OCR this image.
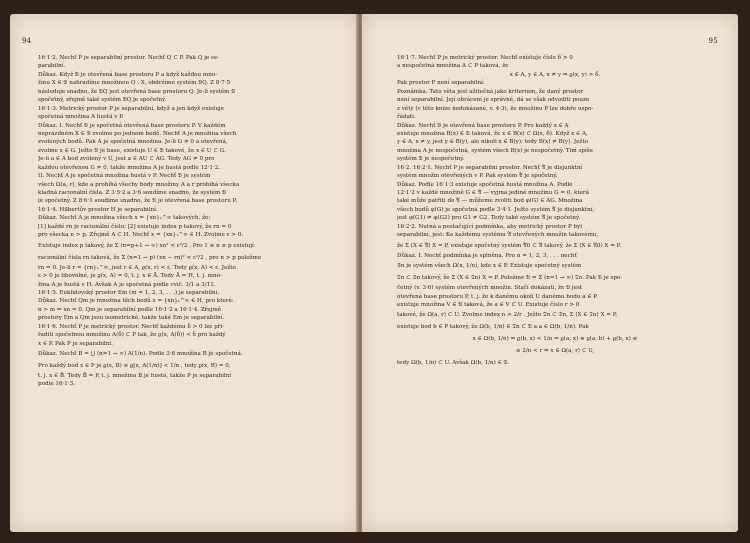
94
16·1·2. Nechť P je separabilní prostor. Nechť Q ⊂ P. Pak Q je se-
parabilní.
Důkaz. Když 𝔅 je otevřená base prostoru P a když každou mno-
žinu X ∈ 𝔅 nahradíme množinou Q . X, obdržíme systém 𝔅Q. Z 8·7·5
následuje snadno, že 𝔅Q jest otevřená base prostoru Q. Je-li systém 𝔅
spočetný, zřejmě také systém 𝔅Q je spočetný.
16·1·3. Metrický prostor P je separabilní, když a jen když existuje
spočetná množina A hustá v P.
Důkaz. I. Nechť 𝔅 je spočetná otevřená base prostoru P. V každém
neprázdném X ∈ 𝔅 zvolme po jednom bodě. Nechť A je množina všech
zvolených bodů. Pak A je spočetná množina. Je-li G ≠ 0 a otevřená,
zvolme x ∈ G. Ježto 𝔅 je base, existuje U ∈ 𝔅 takové, že x ∈ U ⊂ G.
Je-li a ∈ A bod zvolený v U, jest a ∈ AU ⊂ AG. Tedy AG ≠ 0 pro
každou otevřenou G ≠ 0, takže množina A je hustá podle 12·1·2.
II. Nechť A je spočetná množina hustá v P. Nechť 𝔅 je systém
všech Ω(a, r), kde a probíhá všechy body množiny A a r probíhá všecka
kladná racionální čísla. Z 3·5·2 a 3·6 soudíme snadno, že systém 𝔅
je spočetný. Z 8·6·1 soudíme snadno, že 𝔅 je otevřená base prostoru P.
16·1·4. Hilbertův prostor H je separabilní.
Důkaz. Nechť A je množina všech x = {xn}₁^∞ takových, že:
[1] každé rn je racionální číslo; [2] existuje index p takový, že rn = 0
pro všecka n > p. Zřejmě A ⊂ H. Nechť x = {xn}₁^∞ ∈ H. Zvolme ε > 0.
Existuje index p takový, že Σ (n=p+1 → ∞) xn² < ε²/2 . Pro 1 ≤ n ≤ p existují
racionální čísla rn taková, že Σ (n=1 → p) (xn − rn)² < ε²/2 , pro n > p položme
rn = 0. Je-li r = {rn}₁^∞, jest r ∈ A, ϱ(x, r) < ε. Tedy ϱ(x, A) < ε. Ježto
ε > 0 je libovolné, je ϱ(x, A) = 0, t. j. x ∈ Ā. Tedy Ā = H, t. j. mno-
žina A je hustá v H. Avšak A je spočetná podle cvič. 3/1 a 3/11.
16·1·5. Euklidovský prostor Em (m = 1, 2, 3, . . .) je separabilní.
Důkaz. Nechť Qm je množina těch bodů x = {xn}₁^∞ ∈ H, pro které:
n > m ⇒ xn = 0. Qm je separabilní podle 16·1·2 a 16·1·4. Zřejmě
prostory Em a Qm jsou isometrické, takže také Em je separabilní.
16·1·6. Nechť P je metrický prostor. Nechť každému δ > 0 lze při-
řaditi spočetnou množinu A(δ) ⊂ P tak, že ϱ(x, A(δ)) < δ pro každý
x ∈ P. Pak P je separabilní.
Důkaz. Nechť B = ⋃ (n=1 → ∞) A(1/n). Podle 3·6 množina B je spočetná.
Pro každý bod x ∈ P je ϱ(x, B) ≤ ϱ[x, A(1/n)] < 1/n , tedy ϱ(x, B) = 0,
t. j. x ∈ B̄. Tedy B̄ = P, t. j. množina B je hustá, takže P je separabilní
podle 16·1·3.
95
16·1·7. Nechť P je metrický prostor. Nechť existuje číslo δ > 0
a nespočetná množina A ⊂ P taková, že
x ∈ A, y ∈ A, x ≠ y ⇒ ϱ(x, y) > δ.
Pak prostor P není separabilní.
Poznámka. Tato věta jest užitečná jako kriterium, že daný prostor
není separabilní. Její obrácení je správné, dá se však odvoditi pouze
z věty (v této knize nedokázané, v. 4·3), že množinu P lze dobře uspo-
řádati.
Důkaz. Nechť 𝔅 je otevřená base prostoru P. Pro každý x ∈ A
existuje množina B(x) ∈ 𝔅 taková, že x ∈ B(x) ⊂ Ω(x, δ). Když x ∈ A,
y ∈ A, x ≠ y, jest y ∈ B(y), ale nikoli x ∈ B(y); tedy B(x) ≠ B(y). Ježto
množina A je nespočetná, systém všech B(x) je nespočetný. Tím spíše
systém 𝔅 je nespočetný.
16·2. 16·2·1. Nechť P je separabilní prostor. Nechť 𝔄 je disjunktní
systém množin otevřených v P. Pak systém 𝔄 je spočetný.
Důkaz. Podle 16·1·3 existuje spočetná hustá množina A. Podle
12·1·2 v každé množině G ∈ 𝔄 — vyjma jediné množinu G = 0, která
také může patřiti do 𝔄 — můžeme zvoliti bod φ(G) ∈ AG. Množina
všech bodů φ(G) je spočetná podle 3·4·1. Ježto systém 𝔄 je disjunktní,
jest φ(G1) ≠ φ(G2) pro G1 ≠ G2. Tedy také systém 𝔄 je spočetný.
16·2·2. Nutná a postačující podmínka, aby metrický prostor P byl
separabilní, jest: Ke každému systému 𝔄 otevřených množin takovému,
že Σ (X ∈ 𝔄) X = P, existuje spočetný systém 𝔄0 ⊂ 𝔄 takový, že Σ (X ∈ 𝔄0) X = P.
Důkaz. I. Nechť podmínka je splněna. Pro n = 1, 2, 3, . . . nechť
𝔖n je systém všech Ω(x, 1/n), kde x ∈ P. Existuje spočetný systém
𝔗n ⊂ 𝔖n takový, že Σ (X ∈ 𝔗n) X = P. Položme 𝔅 = Σ (n=1 → ∞) 𝔗n. Pak 𝔅 je spo-
četný (v. 3·6) systém otevřených množin. Stačí dokázati, že 𝔅 jest
otevřená base prostoru P, t. j. že k danému okolí U danému bodu a ∈ P
existuje množina V ∈ 𝔅 taková, že a ∈ V ⊂ U. Existuje číslo r > 0
takové, že Ω(a, r) ⊂ U. Zvolme index n > 2/r . Ježto 𝔗n ⊂ 𝔖n, Σ (X ∈ 𝔗n) X = P,
existuje bod b ∈ P takový, že Ω(b, 1/n) ∈ 𝔗n ⊂ 𝔅 a a ∈ Ω(b, 1/n). Pak
x ∈ Ω(b, 1/n) ⇒ ϱ(b, x) < 1/n ⇒ ϱ(a, x) ≤ ϱ(a, b) + ϱ(b, x) ≤
≤ 2/n < r ⇒ x ∈ Ω(a, r) ⊂ U,
tedy Ω(b, 1/n) ⊂ U. Avšak Ω(b, 1/n) ∈ 𝔅.
